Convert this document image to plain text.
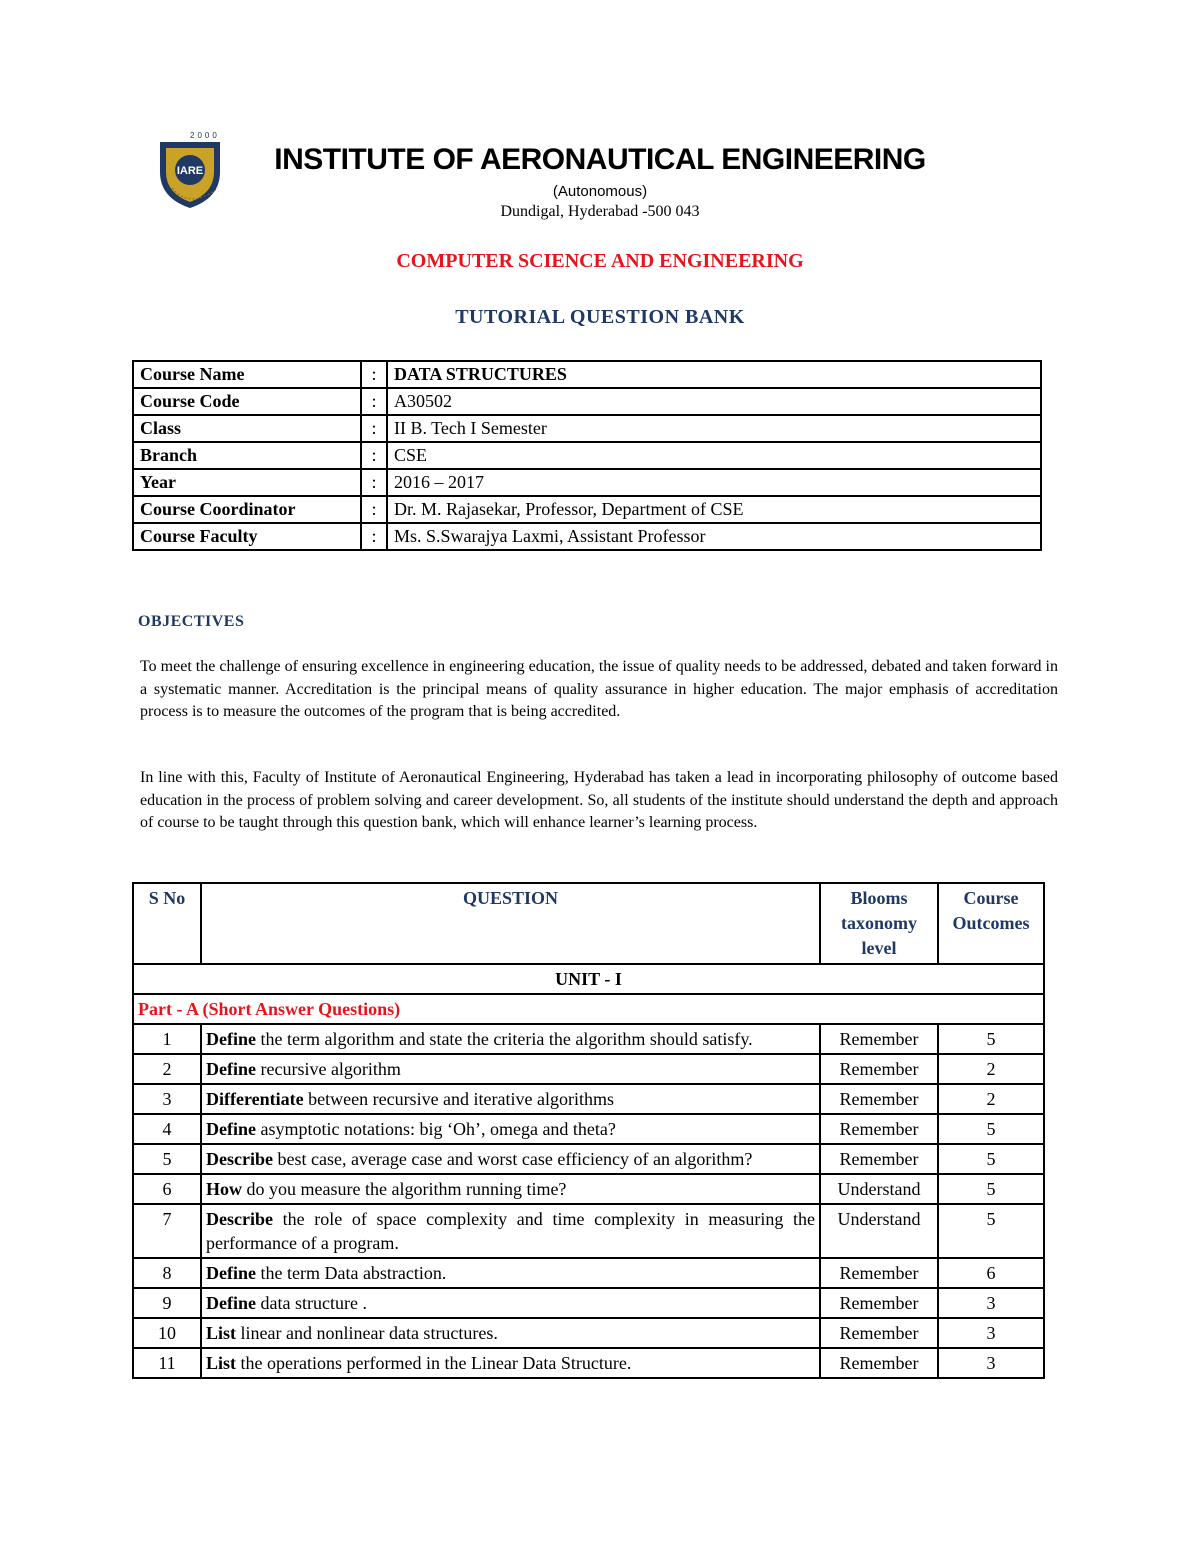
2000
IARE	INSTITUTE OF AERONAUTICAL ENGINEERING
(Autonomous)
Dundigal, Hyderabad -500 043
COMPUTER SCIENCE AND ENGINEERING
TUTORIAL QUESTION BANK
Course Name	:	DATA STRUCTURES
Course Code	:	A30502
Class	:	II B. Tech I Semester
Branch	:	CSE
Year	:	2016 – 2017
Course Coordinator	:	Dr. M. Rajasekar, Professor, Department of CSE
Course Faculty	:	Ms. S.Swarajya Laxmi, Assistant Professor
OBJECTIVES
To meet the challenge of ensuring excellence in engineering education, the issue of quality needs to be addressed, debated and taken forward in a systematic manner. Accreditation is the principal means of quality assurance in higher education. The major emphasis of accreditation process is to measure the outcomes of the program that is being accredited.
In line with this, Faculty of Institute of Aeronautical Engineering, Hyderabad has taken a lead in incorporating philosophy of outcome based education in the process of problem solving and career development. So, all students of the institute should understand the depth and approach of course to be taught through this question bank, which will enhance learner’s learning process.
S No	QUESTION	Blooms taxonomy level	Course Outcomes
UNIT - I			
Part - A (Short Answer Questions)			
1	Define the term algorithm and state the criteria the algorithm should satisfy.	Remember	5
2	Define recursive algorithm	Remember	2
3	Differentiate between recursive and iterative algorithms	Remember	2
4	Define asymptotic notations: big ‘Oh’, omega and theta?	Remember	5
5	Describe best case, average case and worst case efficiency of an algorithm?	Remember	5
6	How do you measure the algorithm running time?	Understand	5
7	Describe the role of space complexity and time complexity in measuring the performance of a program.	Understand	5
8	Define the term Data abstraction.	Remember	6
9	Define data structure .	Remember	3
10	List linear and nonlinear data structures.	Remember	3
11	List the operations performed in the Linear Data Structure.	Remember	3
